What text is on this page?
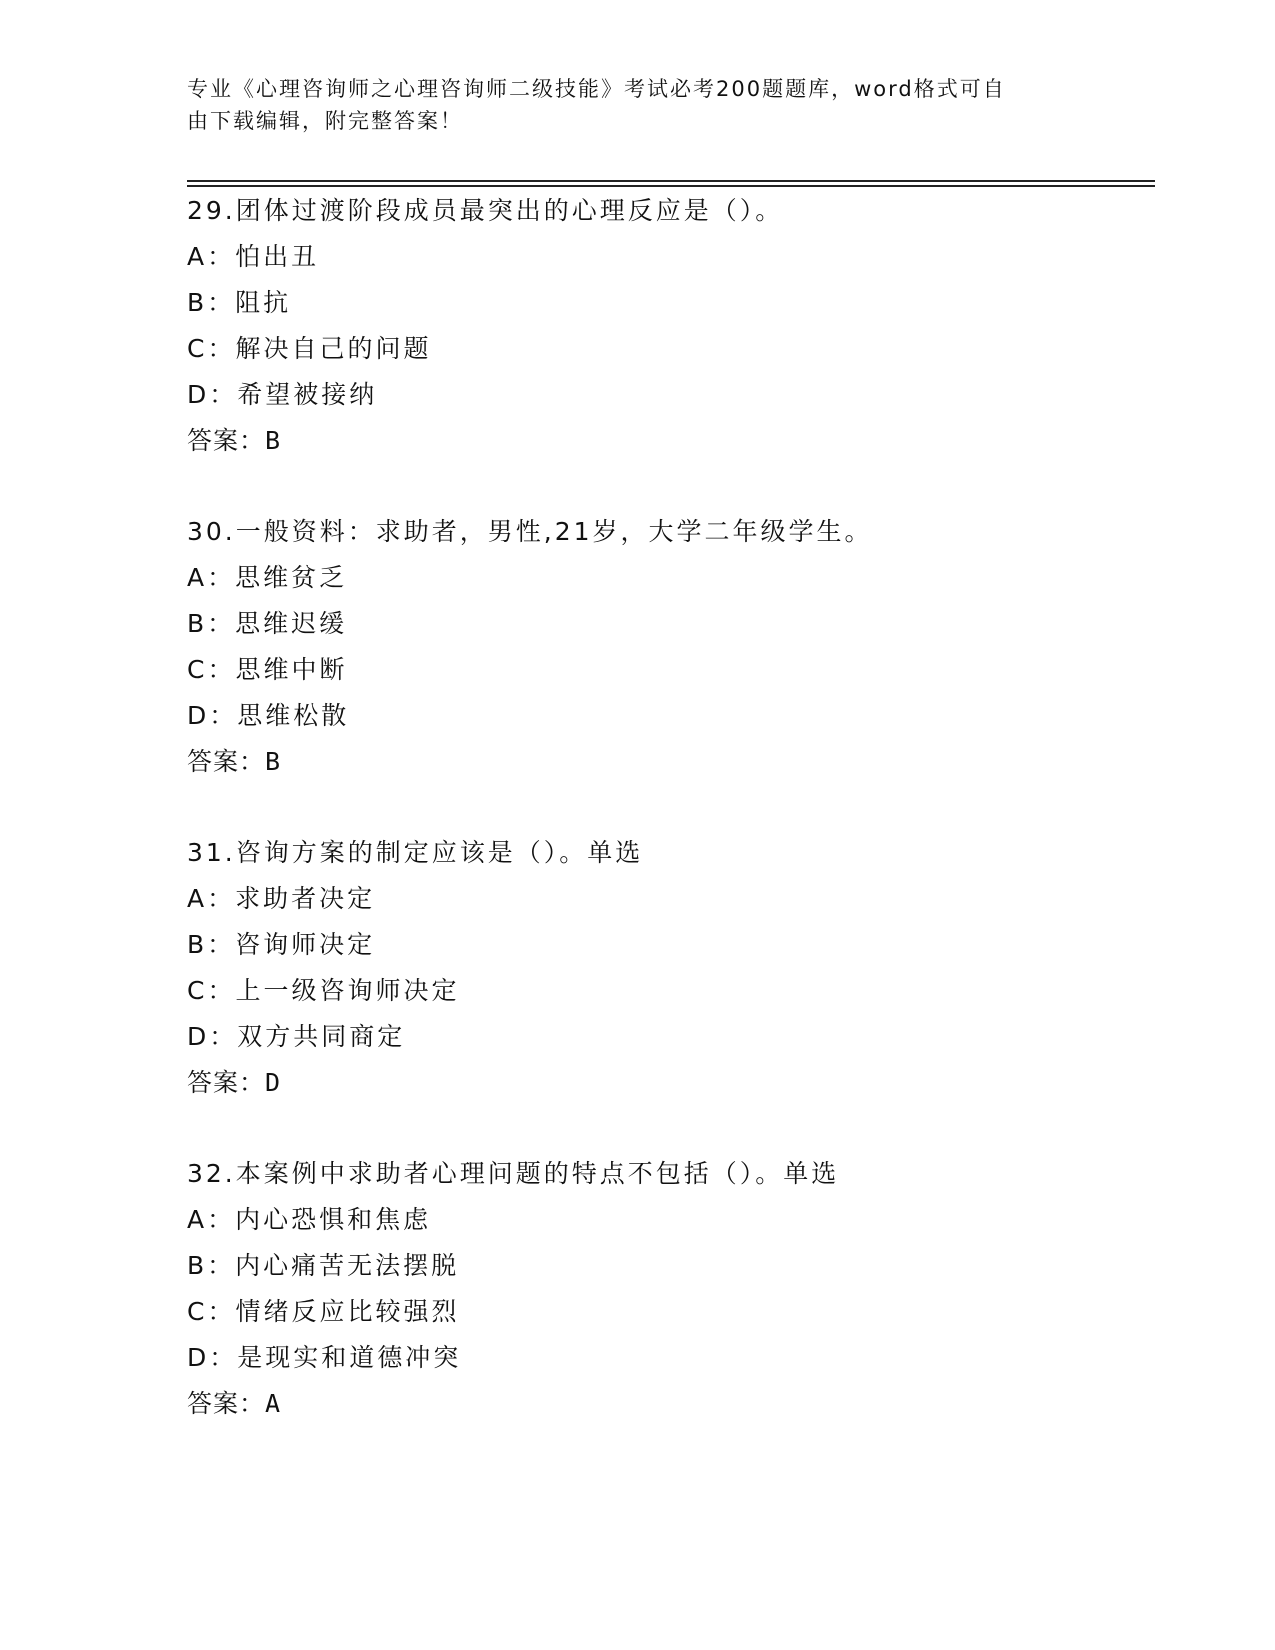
专业《心理咨询师之心理咨询师二级技能》考试必考200题题库，word格式可自
由下载编辑，附完整答案！
29.团体过渡阶段成员最突出的心理反应是（）。
A：怕出丑
B：阻抗
C：解决自己的问题
D：希望被接纳
答案：B
30.一般资料：求助者，男性,21岁，大学二年级学生。
A：思维贫乏
B：思维迟缓
C：思维中断
D：思维松散
答案：B
31.咨询方案的制定应该是（）。单选
A：求助者决定
B：咨询师决定
C：上一级咨询师决定
D：双方共同商定
答案：D
32.本案例中求助者心理问题的特点不包括（）。单选
A：内心恐惧和焦虑
B：内心痛苦无法摆脱
C：情绪反应比较强烈
D：是现实和道德冲突
答案：A
